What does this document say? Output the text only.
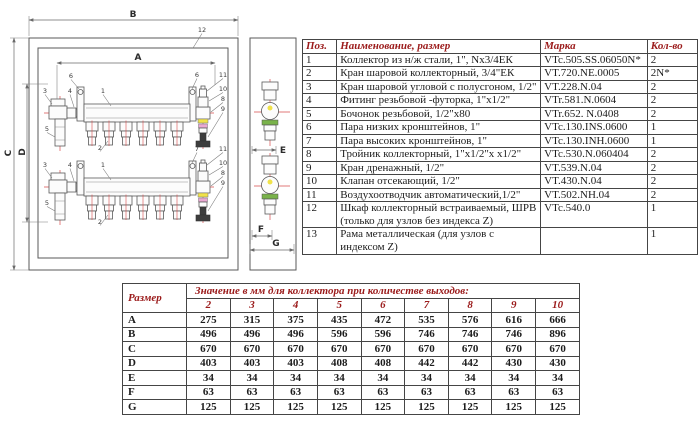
12
6
3	4	1
5
2
6	11
10
8
9
3	4	1
5
2
7	11
10
8
9
B
A
C D	E
F
G
Поз.	Наименование, размер	Марка	Кол-во
1	Коллектор из н/ж стали, 1", Nх3/4ЕК	VTc.505.SS.06050N*	2
2	Кран шаровой коллекторный, 3/4"ЕК	VT.720.NE.0005	2N*
3	Кран шаровой угловой с полусгоном, 1/2"	VT.228.N.04	2
4	Фитинг резьбовой -футорка, 1"х1/2"	VTr.581.N.0604	2
5	Бочонок резьбовой, 1/2"х80	VTr.652. N.0408	2
6	Пара низких кронштейнов, 1"	VTc.130.INS.0600	1
7	Пара высоких кронштейнов, 1"	VTc.130.INH.0600	1
8	Тройник коллекторный, 1"х1/2"х х1/2"	VTc.530.N.060404	2
9	Кран дренажный, 1/2"	VT.539.N.04	2
10	Клапан отсекающий, 1/2"	VT.430.N.04	2
11	Воздухоотводчик автоматический,1/2"	VT.502.NH.04	2
12	Шкаф коллекторный встраиваемый, ШРВ (только для узлов без индекса Z)	VTc.540.0	1
13	Рама металлическая (для узлов с индексом Z)		1
Размер	Значение в мм для коллектора при количестве выходов:								
	2	3	4	5	6	7	8	9	10
A	275	315	375	435	472	535	576	616	666
B	496	496	496	596	596	746	746	746	896
C	670	670	670	670	670	670	670	670	670
D	403	403	403	408	408	442	442	430	430
E	34	34	34	34	34	34	34	34	34
F	63	63	63	63	63	63	63	63	63
G	125	125	125	125	125	125	125	125	125
